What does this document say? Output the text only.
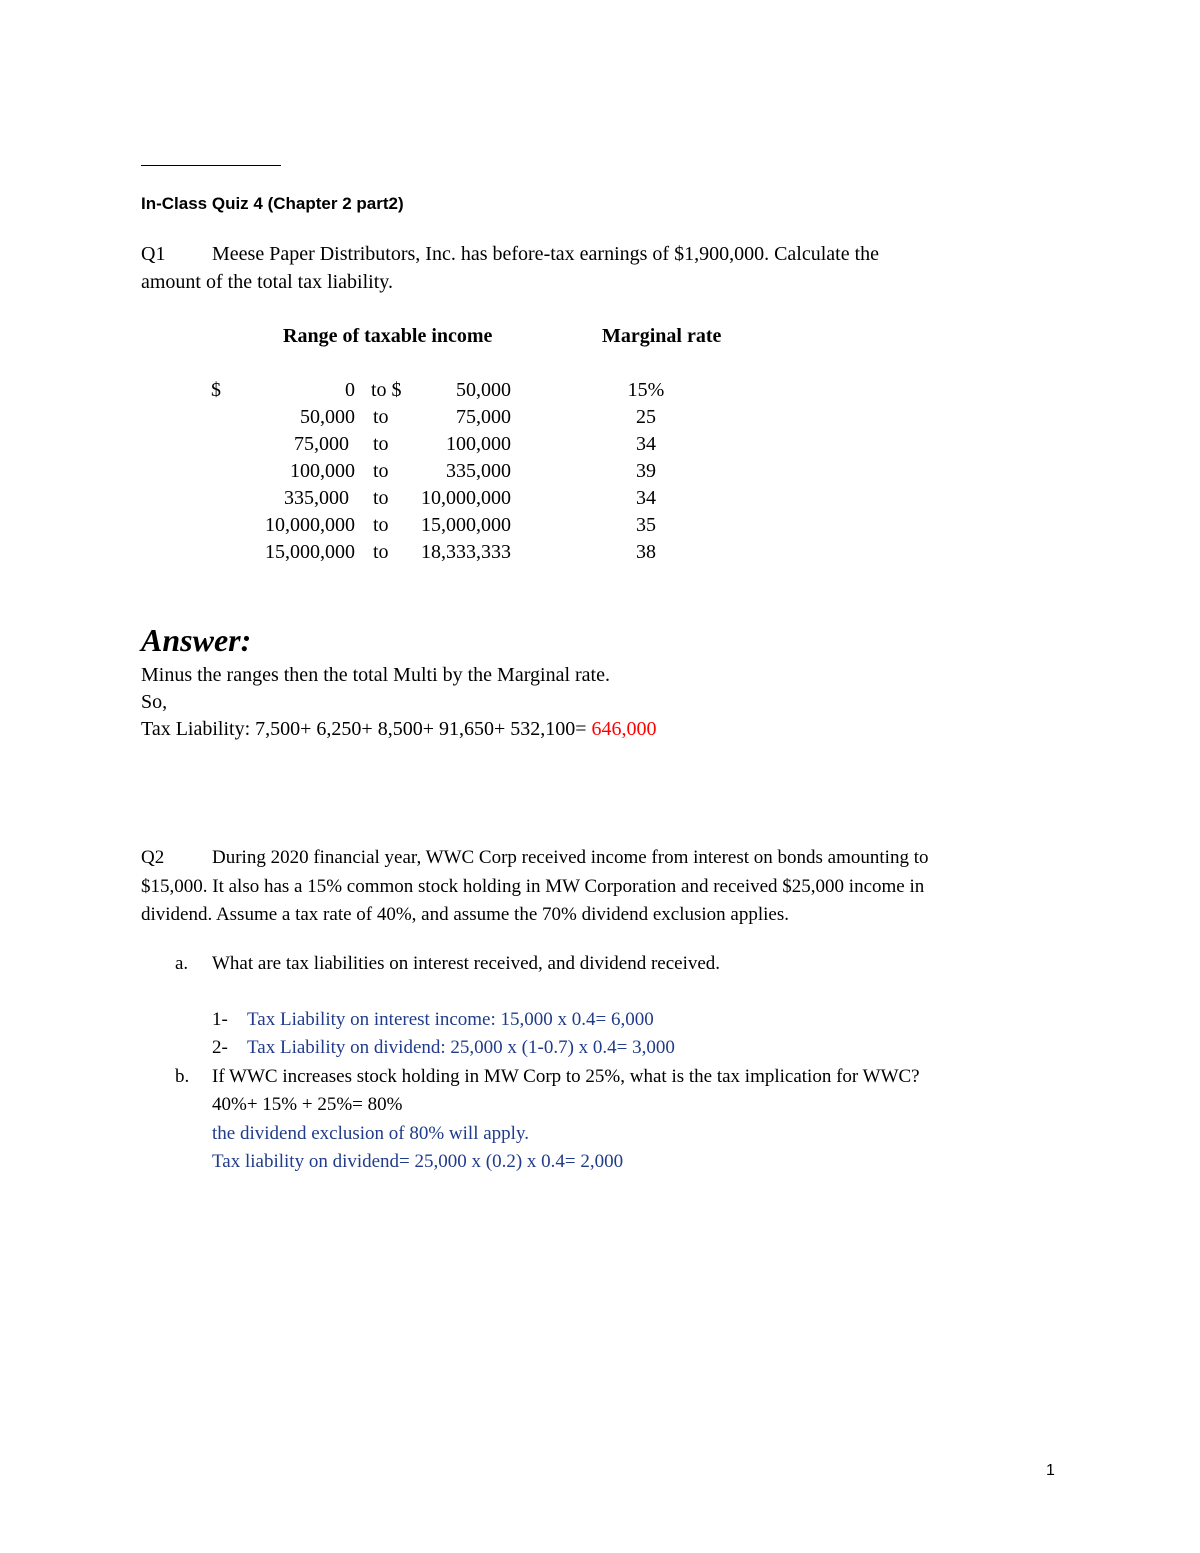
In-Class Quiz 4 (Chapter 2 part2)
Q1 Meese Paper Distributors, Inc. has before-tax earnings of $1,900,000. Calculate the
amount of the total tax liability.
Range of taxable income	Marginal rate
$	0 to $	50,000	15%
50,000 to	75,000	25
75,000 to	100,000	34
100,000 to	335,000	39
335,000 to 10,000,000	34
10,000,000 to 15,000,000	35
15,000,000 to 18,333,333	38
Answer:
Minus the ranges then the total Multi by the Marginal rate.
So,
Tax Liability: 7,500+ 6,250+ 8,500+ 91,650+ 532,100= 646,000
Q2	During 2020 financial year, WWC Corp received income from interest on bonds amounting to
$15,000. It also has a 15% common stock holding in MW Corporation and received $25,000 income in
dividend. Assume a tax rate of 40%, and assume the 70% dividend exclusion applies.
a. What are tax liabilities on interest received, and dividend received.
1- Tax Liability on interest income: 15,000 x 0.4= 6,000
2- Tax Liability on dividend: 25,000 x (1-0.7) x 0.4= 3,000
b. If WWC increases stock holding in MW Corp to 25%, what is the tax implication for WWC?
40%+ 15% + 25%= 80%
the dividend exclusion of 80% will apply.
Tax liability on dividend= 25,000 x (0.2) x 0.4= 2,000
1
